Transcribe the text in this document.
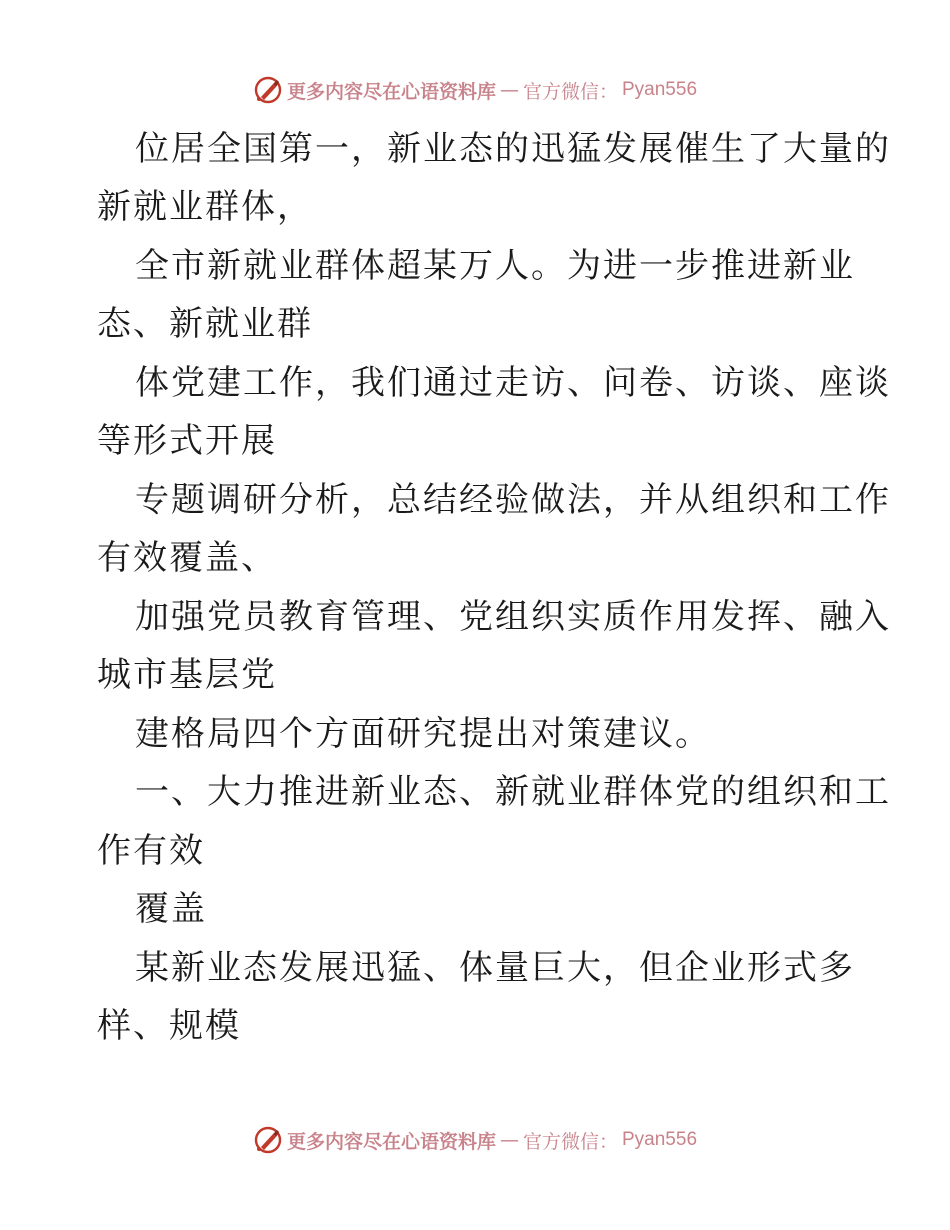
更多内容尽在心语资料库 — 官方微信： Pyan556
位居全国第一，新业态的迅猛发展催生了大量的
新就业群体，
全市新就业群体超某万人。为进一步推进新业
态、新就业群
体党建工作，我们通过走访、问卷、访谈、座谈
等形式开展
专题调研分析，总结经验做法，并从组织和工作
有效覆盖、
加强党员教育管理、党组织实质作用发挥、融入
城市基层党
建格局四个方面研究提出对策建议。
一、大力推进新业态、新就业群体党的组织和工
作有效
覆盖
某新业态发展迅猛、体量巨大，但企业形式多
样、规模
更多内容尽在心语资料库 — 官方微信： Pyan556
